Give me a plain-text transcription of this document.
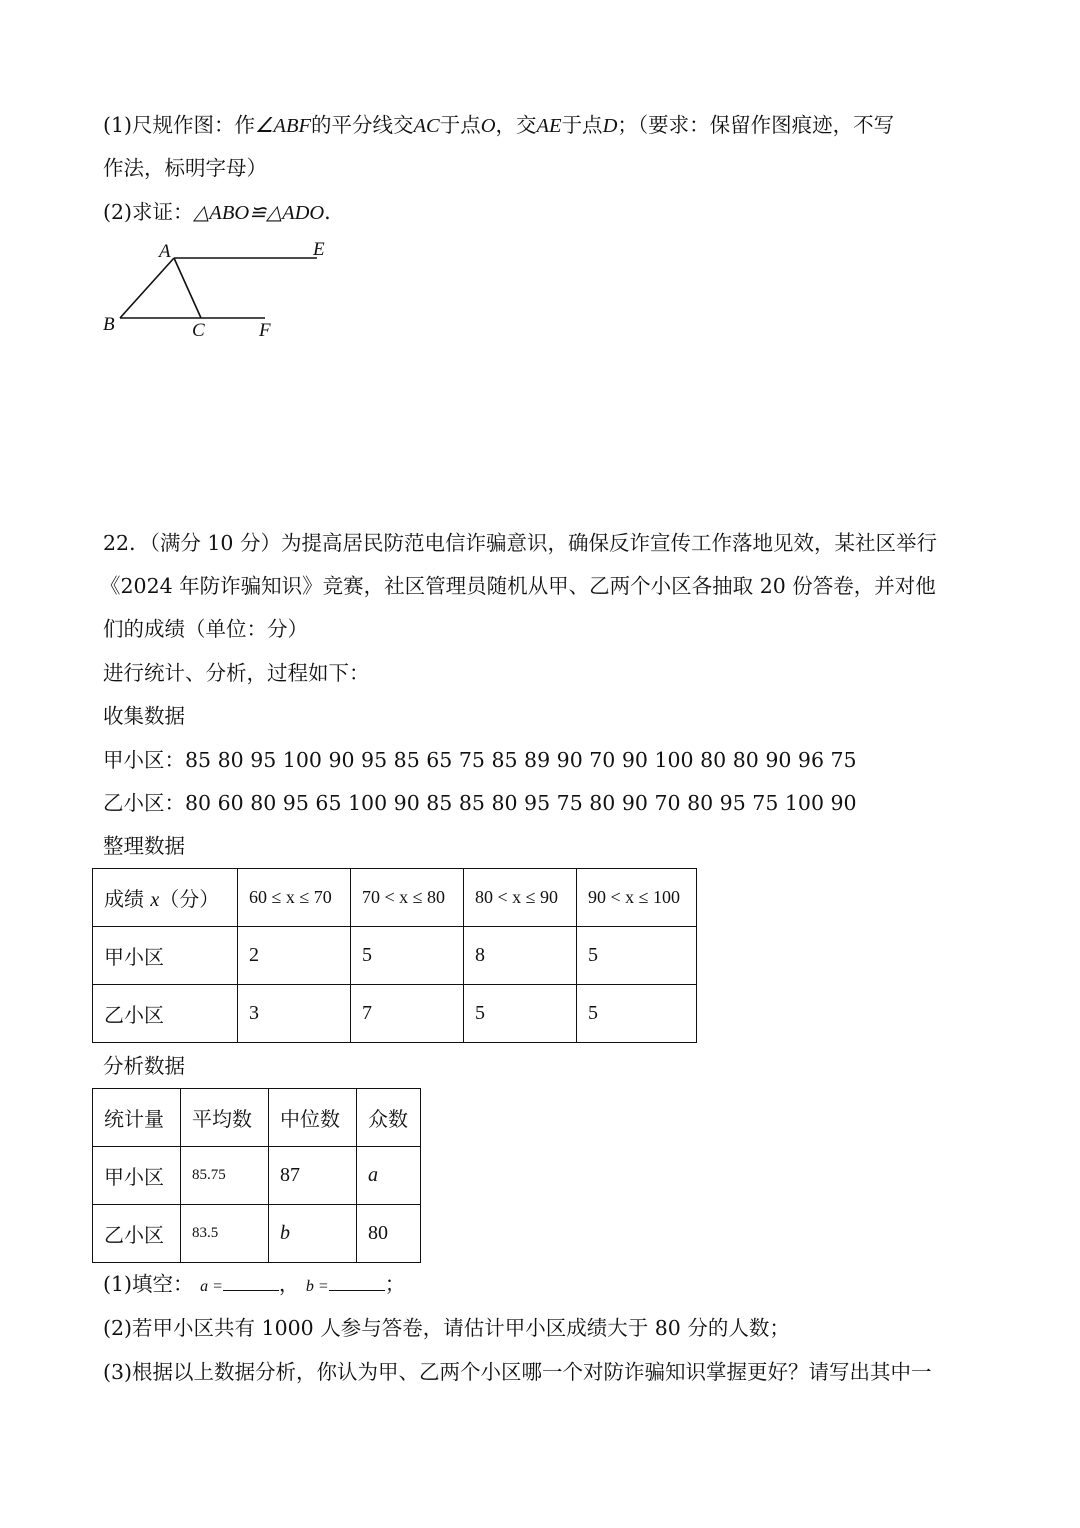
(1)尺规作图：作∠ABF的平分线交AC于点O，交AE于点D；（要求：保留作图痕迹，不写
作法，标明字母）
(2)求证：△ABO≌△ADO．
A	E
B	C	F
22．（满分 10 分）为提高居民防范电信诈骗意识，确保反诈宣传工作落地见效，某社区举行
《2024 年防诈骗知识》竞赛，社区管理员随机从甲、乙两个小区各抽取 20 份答卷，并对他
们的成绩（单位：分）
进行统计、分析，过程如下：
收集数据
甲小区：85 80 95 100 90 95 85 65 75 85 89 90 70 90 100 80 80 90 96 75
乙小区：80 60 80 95 65 100 90 85 85 80 95 75 80 90 70 80 95 75 100 90
整理数据
成绩 x（分）	60 ≤ x ≤ 70	70 < x ≤ 80	80 < x ≤ 90	90 < x ≤ 100
甲小区	2	5	8	5
乙小区	3	7	5	5
分析数据
统计量	平均数	中位数	众数
甲小区	85.75	87	a
乙小区	83.5	b	80
(1)填空： a =	， b =	；
(2)若甲小区共有 1000 人参与答卷，请估计甲小区成绩大于 80 分的人数；
(3)根据以上数据分析，你认为甲、乙两个小区哪一个对防诈骗知识掌握更好？请写出其中一
